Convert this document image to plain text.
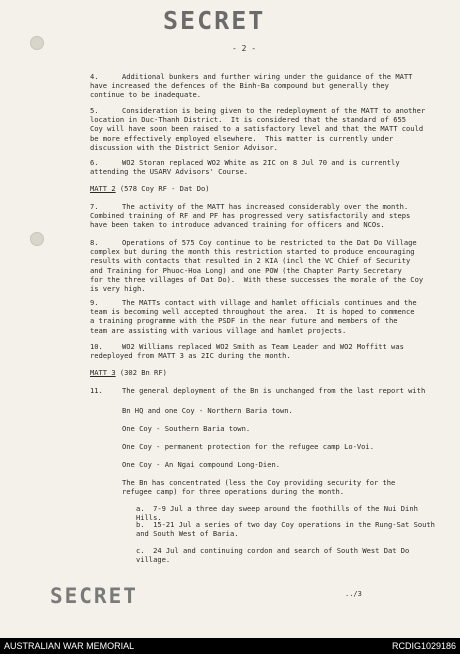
SECRET
- 2 -
4.	Additional bunkers and further wiring under the guidance of the MATT
have increased the defences of the Binh-Ba compound but generally they
continue to be inadequate.
5.	Consideration is being given to the redeployment of the MATT to another
location in Duc-Thanh District.  It is considered that the standard of 655
Coy will have soon been raised to a satisfactory level and that the MATT could
be more effectively employed elsewhere.  This matter is currently under
discussion with the District Senior Advisor.
6.	WO2 Storan replaced WO2 White as 2IC on 8 Jul 70 and is currently
attending the USARV Advisors' Course.
MATT 2 (578 Coy RF - Dat Do)
7.	The activity of the MATT has increased considerably over the month.
Combined training of RF and PF has progressed very satisfactorily and steps
have been taken to introduce advanced training for officers and NCOs.
8.	Operations of 575 Coy continue to be restricted to the Dat Do Village
complex but during the month this restriction started to produce encouraging
results with contacts that resulted in 2 KIA (incl the VC Chief of Security
and Training for Phuoc-Hoa Long) and one POW (the Chapter Party Secretary
for the three villages of Dat Do).  With these successes the morale of the Coy
is very high.
9.	The MATTs contact with village and hamlet officials continues and the
team is becoming well accepted throughout the area.  It is hoped to commence
a training programme with the PSDF in the near future and members of the
team are assisting with various village and hamlet projects.
10.	WO2 Williams replaced WO2 Smith as Team Leader and WO2 Moffitt was
redeployed from MATT 3 as 2IC during the month.
MATT 3 (302 Bn RF)
11.	The general deployment of the Bn is unchanged from the last report with
Bn HQ and one Coy - Northern Baria town.
One Coy - Southern Baria town.
One Coy - permanent protection for the refugee camp Lo-Voi.
One Coy - An Ngai compound Long-Dien.
The Bn has concentrated (less the Coy providing security for the
refugee camp) for three operations during the month.
a.  7-9 Jul a three day sweep around the foothills of the Nui Dinh Hills.
b.  15-21 Jul a series of two day Coy operations in the Rung-Sat South
and South West of Baria.
c.  24 Jul and continuing cordon and search of South West Dat Do
village.
SECRET	../3
AUSTRALIAN WAR MEMORIAL	RCDIG1029186
